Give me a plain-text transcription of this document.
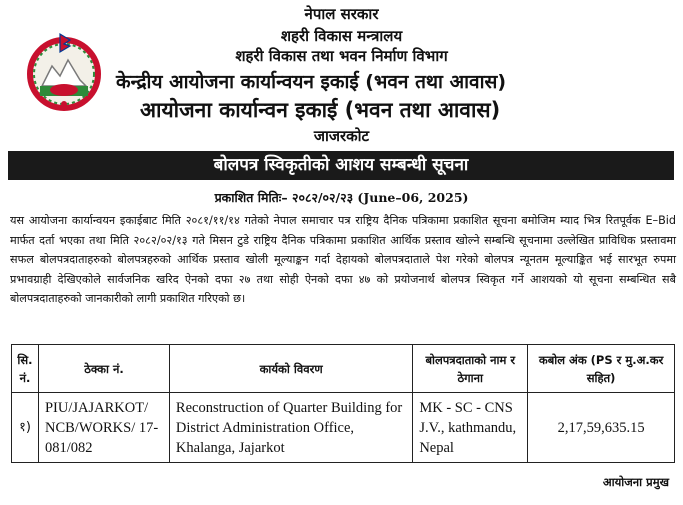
नेपाल सरकार
शहरी विकास मन्त्रालय
शहरी विकास तथा भवन निर्माण विभाग
केन्द्रीय आयोजना कार्यान्वयन इकाई (भवन तथा आवास)
आयोजना कार्यान्वन इकाई (भवन तथा आवास)
जाजरकोट
बोलपत्र स्विकृतीको आशय सम्बन्धी सूचना
प्रकाशित मितिः– २०८२/०२/२३ (June–06, 2025)
यस आयोजना कार्यान्वयन इकाईबाट मिति २०८१/११/१४ गतेको नेपाल समाचार पत्र राष्ट्रिय दैनिक पत्रिकामा प्रकाशित सूचना बमोजिम म्याद भित्र रितपूर्वक E–Bid मार्फत दर्ता भएका तथा मिति २०८२/०२/१३ गते मिसन टुडे राष्ट्रिय दैनिक पत्रिकामा प्रकाशित आर्थिक प्रस्ताव खोल्ने सम्बन्धि सूचनामा उल्लेखित प्राविधिक प्रस्तावमा सफल बोलपत्रदाताहरुको बोलपत्रहरुको आर्थिक प्रस्ताव खोली मूल्याङ्कन गर्दा देहायको बोलपत्रदाताले पेश गरेको बोलपत्र न्यूनतम मूल्याङ्कित भई सारभूत रुपमा प्रभावग्राही देखिएकोले सार्वजनिक खरिद ऐनको दफा २७ तथा सोही ऐनको दफा ४७ को प्रयोजनार्थ बोलपत्र स्विकृत गर्ने आशयको यो सूचना सम्बन्धित सबै बोलपत्रदाताहरुको जानकारीको लागी प्रकाशित गरिएको छ।
सि. नं.	ठेक्का नं.	कार्यको विवरण	बोलपत्रदाताको नाम र ठेगाना	कबोल अंक (PS र मु.अ.कर सहित)
१)	PIU/JAJARKOT/ NCB/WORKS/ 17-081/082	Reconstruction of Quarter Building for District Administration Office, Khalanga, Jajarkot	MK - SC - CNS J.V., kathmandu, Nepal	2,17,59,635.15
आयोजना प्रमुख
